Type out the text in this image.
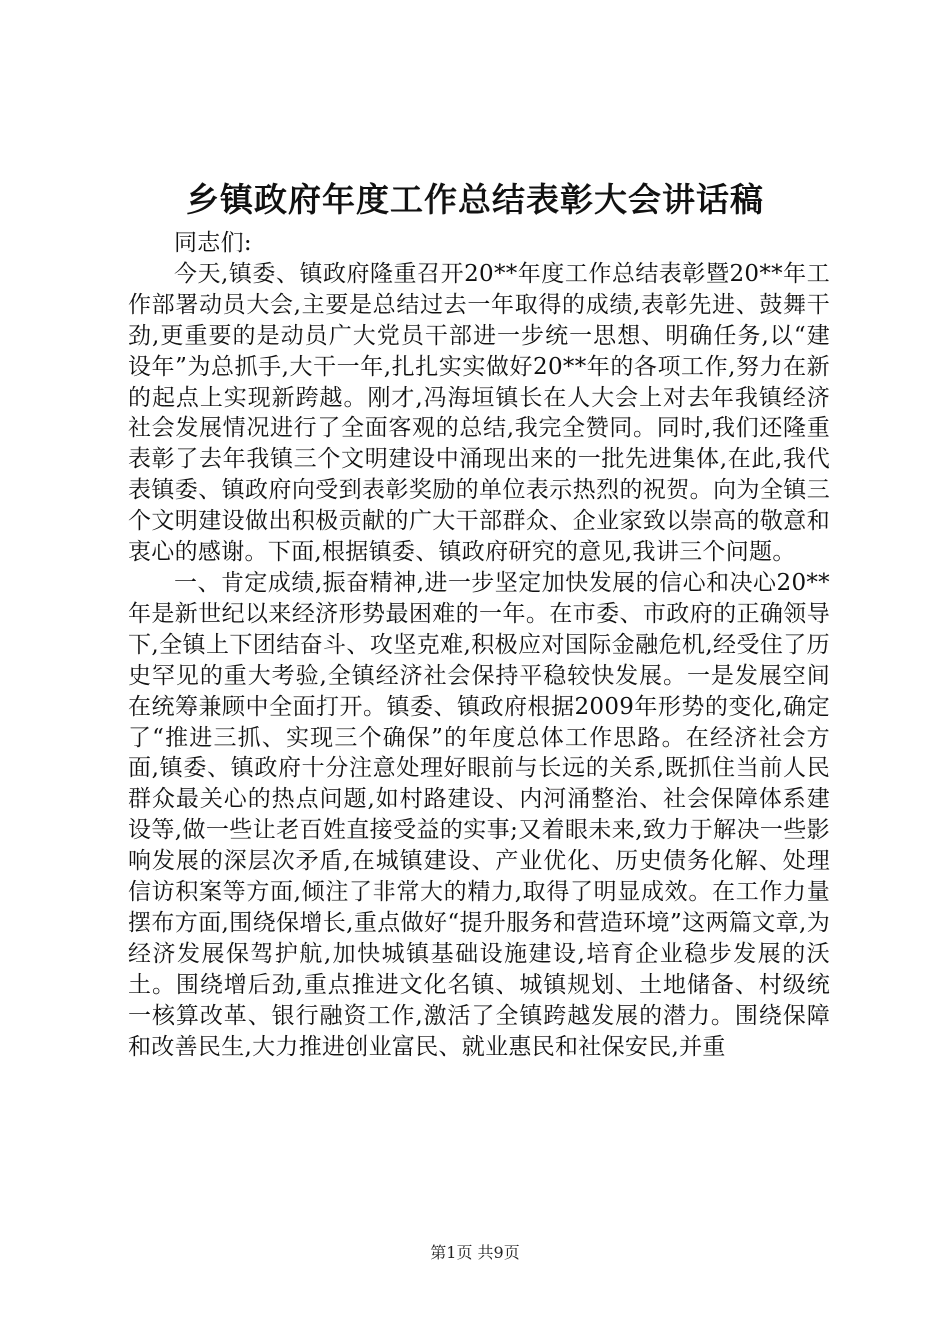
乡镇政府年度工作总结表彰大会讲话稿

同志们:

今天,镇委、镇政府隆重召开20**年度工作总结表彰暨20**年工作部署动员大会,主要是总结过去一年取得的成绩,表彰先进、鼓舞干劲,更重要的是动员广大党员干部进一步统一思想、明确任务,以“建设年”为总抓手,大干一年,扎扎实实做好20**年的各项工作,努力在新的起点上实现新跨越。刚才,冯海垣镇长在人大会上对去年我镇经济社会发展情况进行了全面客观的总结,我完全赞同。同时,我们还隆重表彰了去年我镇三个文明建设中涌现出来的一批先进集体,在此,我代表镇委、镇政府向受到表彰奖励的单位表示热烈的祝贺。向为全镇三个文明建设做出积极贡献的广大干部群众、企业家致以崇高的敬意和衷心的感谢。下面,根据镇委、镇政府研究的意见,我讲三个问题。

一、肯定成绩,振奋精神,进一步坚定加快发展的信心和决心20**年是新世纪以来经济形势最困难的一年。在市委、市政府的正确领导下,全镇上下团结奋斗、攻坚克难,积极应对国际金融危机,经受住了历史罕见的重大考验,全镇经济社会保持平稳较快发展。一是发展空间在统筹兼顾中全面打开。镇委、镇政府根据2009年形势的变化,确定了“推进三抓、实现三个确保”的年度总体工作思路。在经济社会方面,镇委、镇政府十分注意处理好眼前与长远的关系,既抓住当前人民群众最关心的热点问题,如村路建设、内河涌整治、社会保障体系建设等,做一些让老百姓直接受益的实事;又着眼未来,致力于解决一些影响发展的深层次矛盾,在城镇建设、产业优化、历史债务化解、处理信访积案等方面,倾注了非常大的精力,取得了明显成效。在工作力量摆布方面,围绕保增长,重点做好“提升服务和营造环境”这两篇文章,为经济发展保驾护航,加快城镇基础设施建设,培育企业稳步发展的沃土。围绕增后劲,重点推进文化名镇、城镇规划、土地储备、村级统一核算改革、银行融资工作,激活了全镇跨越发展的潜力。围绕保障和改善民生,大力推进创业富民、就业惠民和社保安民,并重

第1页 共9页
